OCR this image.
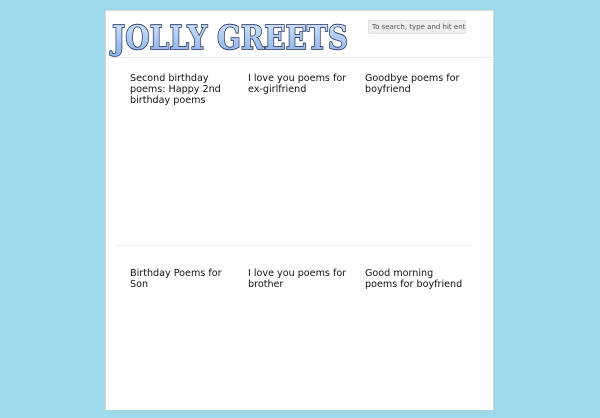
JOLLY GREETS
To search, type and hit enter
Second birthday poems: Happy 2nd birthday poems
I love you poems for ex-girlfriend
Goodbye poems for boyfriend
Birthday Poems for Son
I love you poems for brother
Good morning poems for boyfriend
